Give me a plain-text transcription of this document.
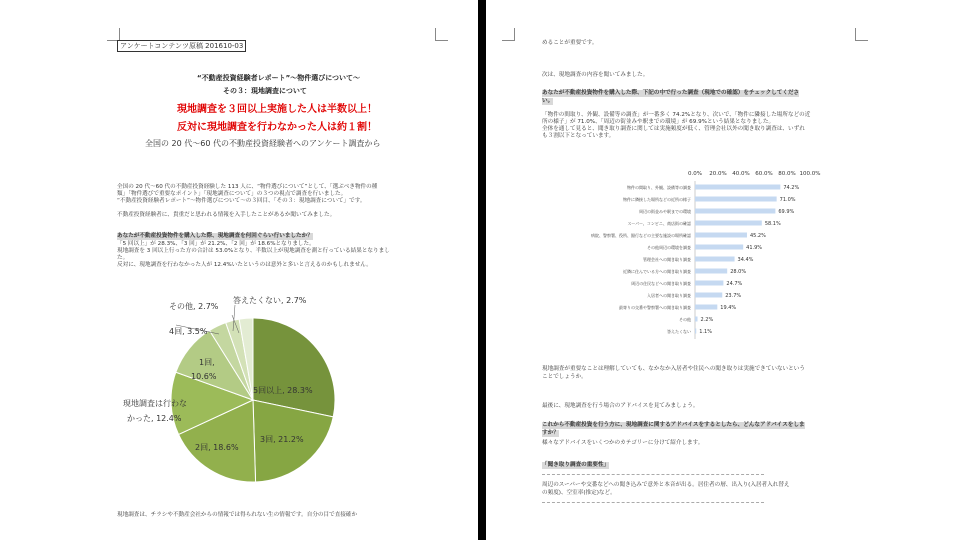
アンケートコンテンツ原稿 201610-03
“不動産投資経験者レポート”～物件選びについて～
その３：現地調査について
現地調査を３回以上実施した人は半数以上！
反対に現地調査を行わなかった人は約１割！
全国の 20 代～60 代の不動産投資経験者へのアンケート調査から
全国の 20 代～60 代の不動産投資経験した 113 人に、“物件選びについて”として、「選ぶべき物件の種
類」「物件選びで重要なポイント」「現地調査について」の３つの視点で調査を行いました。
“不動産投資経験者レポート”～物件選びについて～の３回目、「その３：現地調査について」です。
不動産投資経験者に、貴重だと思われる情報を入手したことがあるか聞いてみました。
あなたが不動産投資物件を購入した際、現地調査を何回ぐらい行いましたか？
「5 回以上」が 28.3%、「3 回」が 21.2%、「2 回」が 18.6%となりました。
現地調査を 3 回以上行った方の合計は 53.0%となり、半数以上が現地調査を測と行っている結果となりまし
た。
反対に、現地調査を行わなかった人が 12.4%いたというのは意外と多いと言えるのかもしれません。
5回以上, 28.3%
3回, 21.2%
2回, 18.6%
現地調査は行わな
かった, 12.4%
1回,
10.6%
4回, 3.5%
その他, 2.7%
答えたくない, 2.7%
現地調査は、チラシや不動産会社からの情報では得られない生の情報です。自分の目で直接確か
めることが重要です。
次は、現地調査の内容を聞いてみました。
あなたが不動産投資物件を購入した際、下記の中で行った調査（現地での確認）をチェックしてくださ
い。
「物件の間取り、外観、設備等の調査」が一番多く 74.2%となり、次いで、「物件に隣接した場所などの近
所の様子」が 71.0%、「周辺の街並みや駅までの環境」が 69.9%という結果となりました。
全体を通して見ると、聞き取り調査に関しては実施頻度が低く、管理会社以外の聞き取り調査は、いずれ
も３割以下となっています。
0.0% 20.0% 40.0% 60.0% 80.0% 100.0%
物件の間取り、外観、設備等の調査
物件に隣接した場所などの近所の様子
周辺の街並みや駅までの環境
スーパー、コンビニ、商店街の確認
病院、警察署、役所、銀行などの主要な施設の場所確認
その他周辺の環境を調査
管理会社への聞き取り調査
近隣に住んでいる方への聞き取り調査
周辺の住民などへの聞き取り調査
入居者への聞き取り調査
最寄りの交番や警察署への聞き取り調査
その他
答えたくない
74.2%
71.0%
69.9%
58.1%
45.2%
41.9%
34.4%
28.0%
24.7%
23.7%
19.4%
2.2%
1.1%
現地調査が重要なことは理解していても、なかなか入居者や住民への聞き取りは実施できていないという
ことでしょうか。
最後に、現地調査を行う場合のアドバイスを見てみましょう。
これから不動産投資を行う方に、現地調査に関するアドバイスをするとしたら、どんなアドバイスをしま
すか？
様々なアドバイスをいくつかのカテゴリーに分けて紹介します。
「聞き取り調査の重要性」
周辺のスーパーや交番などへの聞き込みで意外と本音が出る。居住者の層、出入り(入居者入れ替え
の頻度)、空室率(推定)など。
